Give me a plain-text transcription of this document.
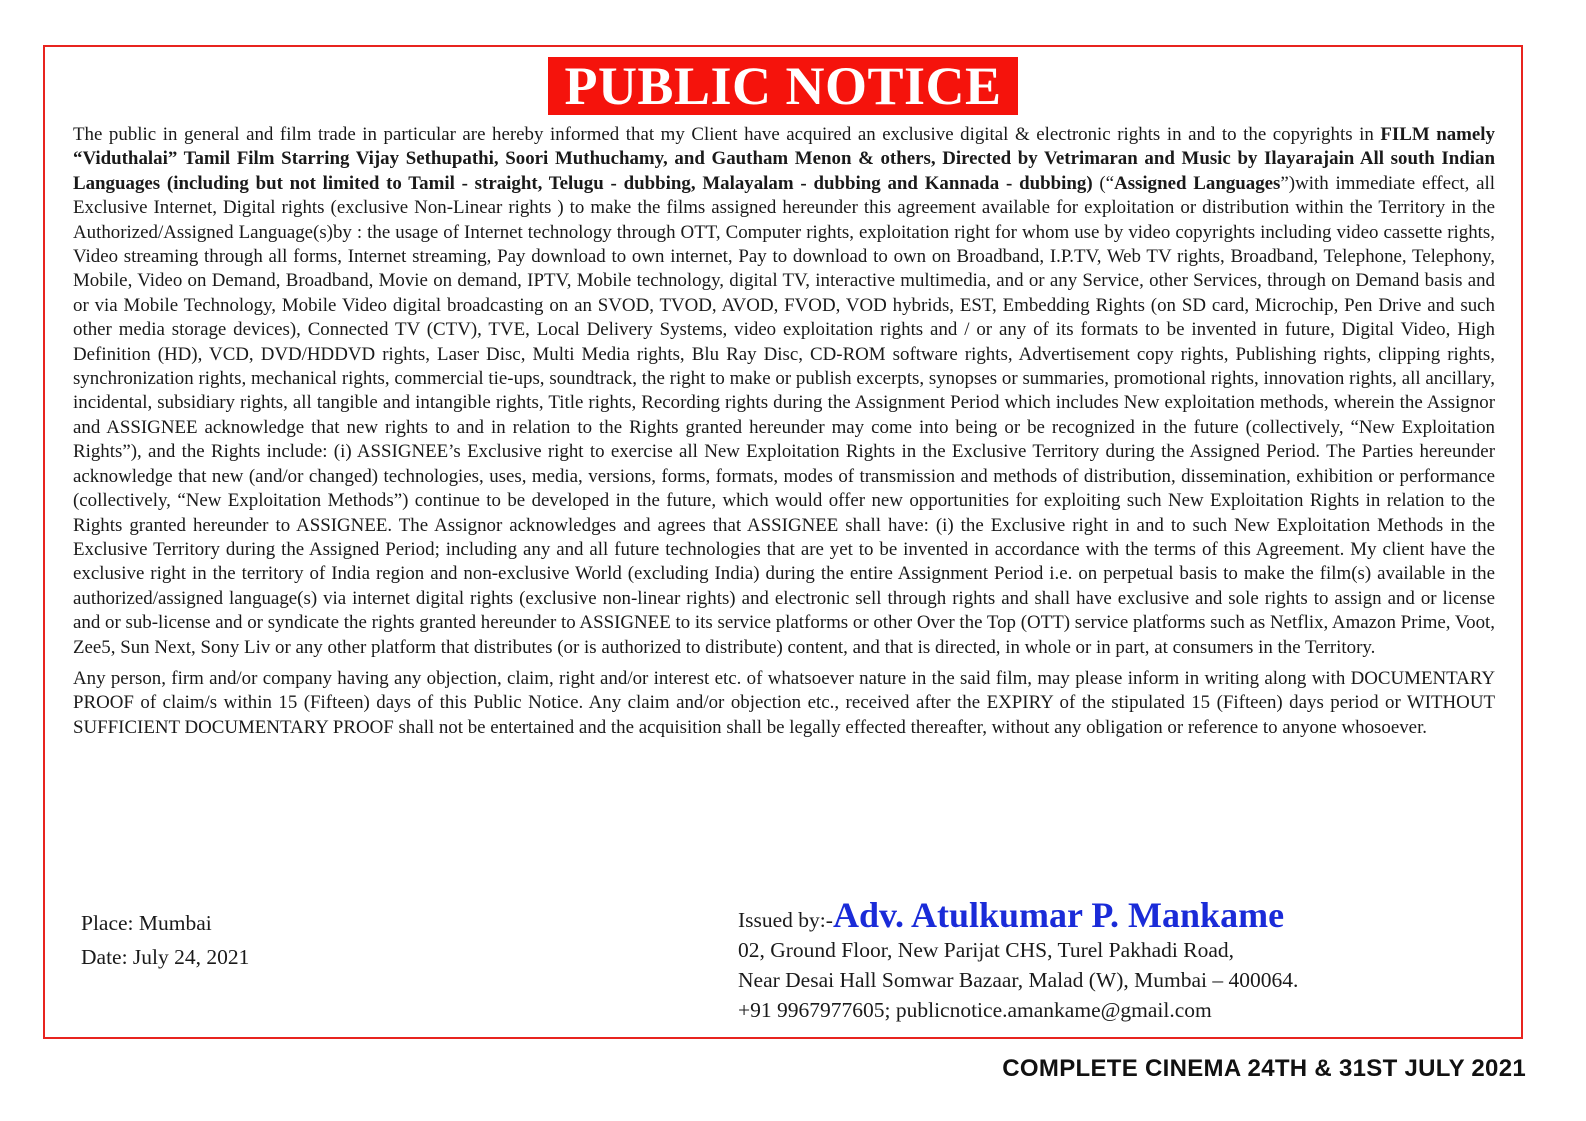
PUBLIC NOTICE

The public in general and film trade in particular are hereby informed that my Client have acquired an exclusive digital & electronic rights in and to the copyrights in FILM namely “Viduthalai” Tamil Film Starring Vijay Sethupathi, Soori Muthuchamy, and Gautham Menon & others, Directed by Vetrimaran and Music by Ilayarajain All south Indian Languages (including but not limited to Tamil - straight, Telugu - dubbing, Malayalam - dubbing and Kannada - dubbing) (“Assigned Languages”)with immediate effect, all Exclusive Internet, Digital rights (exclusive Non-Linear rights ) to make the films assigned hereunder this agreement available for exploitation or distribution within the Territory in the Authorized/Assigned Language(s)by : the usage of Internet technology through OTT, Computer rights, exploitation right for whom use by video copyrights including video cassette rights, Video streaming through all forms, Internet streaming, Pay download to own internet, Pay to download to own on Broadband, I.P.TV, Web TV rights, Broadband, Telephone, Telephony, Mobile, Video on Demand, Broadband, Movie on demand, IPTV, Mobile technology, digital TV, interactive multimedia, and or any Service, other Services, through on Demand basis and or via Mobile Technology, Mobile Video digital broadcasting on an SVOD, TVOD, AVOD, FVOD, VOD hybrids, EST, Embedding Rights (on SD card, Microchip, Pen Drive and such other media storage devices), Connected TV (CTV), TVE, Local Delivery Systems, video exploitation rights and / or any of its formats to be invented in future, Digital Video, High Definition (HD), VCD, DVD/HDDVD rights, Laser Disc, Multi Media rights, Blu Ray Disc, CD-ROM software rights, Advertisement copy rights, Publishing rights, clipping rights, synchronization rights, mechanical rights, commercial tie-ups, soundtrack, the right to make or publish excerpts, synopses or summaries, promotional rights, innovation rights, all ancillary, incidental, subsidiary rights, all tangible and intangible rights, Title rights, Recording rights during the Assignment Period which includes New exploitation methods, wherein the Assignor and ASSIGNEE acknowledge that new rights to and in relation to the Rights granted hereunder may come into being or be recognized in the future (collectively, “New Exploitation Rights”), and the Rights include: (i) ASSIGNEE’s Exclusive right to exercise all New Exploitation Rights in the Exclusive Territory during the Assigned Period. The Parties hereunder acknowledge that new (and/or changed) technologies, uses, media, versions, forms, formats, modes of transmission and methods of distribution, dissemination, exhibition or performance (collectively, “New Exploitation Methods”) continue to be developed in the future, which would offer new opportunities for exploiting such New Exploitation Rights in relation to the Rights granted hereunder to ASSIGNEE. The Assignor acknowledges and agrees that ASSIGNEE shall have: (i) the Exclusive right in and to such New Exploitation Methods in the Exclusive Territory during the Assigned Period; including any and all future technologies that are yet to be invented in accordance with the terms of this Agreement. My client have the exclusive right in the territory of India region and non-exclusive World (excluding India) during the entire Assignment Period i.e. on perpetual basis to make the film(s) available in the authorized/assigned language(s) via internet digital rights (exclusive non-linear rights) and electronic sell through rights and shall have exclusive and sole rights to assign and or license and or sub-license and or syndicate the rights granted hereunder to ASSIGNEE to its service platforms or other Over the Top (OTT) service platforms such as Netflix, Amazon Prime, Voot, Zee5, Sun Next, Sony Liv or any other platform that distributes (or is authorized to distribute) content, and that is directed, in whole or in part, at consumers in the Territory.

Any person, firm and/or company having any objection, claim, right and/or interest etc. of whatsoever nature in the said film, may please inform in writing along with DOCUMENTARY PROOF of claim/s within 15 (Fifteen) days of this Public Notice. Any claim and/or objection etc., received after the EXPIRY of the stipulated 15 (Fifteen) days period or WITHOUT SUFFICIENT DOCUMENTARY PROOF shall not be entertained and the acquisition shall be legally effected thereafter, without any obligation or reference to anyone whosoever.

Place: Mumbai
Date: July 24, 2021
Issued by:-Adv. Atulkumar P. Mankame
02, Ground Floor, New Parijat CHS, Turel Pakhadi Road,
Near Desai Hall Somwar Bazaar, Malad (W), Mumbai – 400064.
+91 9967977605; publicnotice.amankame@gmail.com
COMPLETE CINEMA 24TH & 31ST JULY 2021
